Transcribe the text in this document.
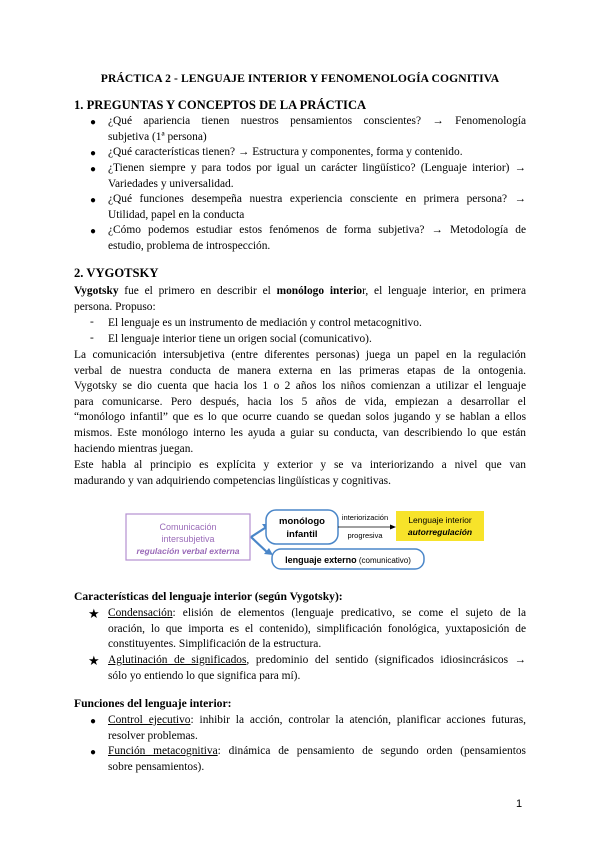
PRÁCTICA 2 - LENGUAJE INTERIOR Y FENOMENOLOGÍA COGNITIVA
1. PREGUNTAS Y CONCEPTOS DE LA PRÁCTICA
● ¿Qué apariencia tienen nuestros pensamientos conscientes? → Fenomenología
subjetiva (1ª persona)
● ¿Qué características tienen? → Estructura y componentes, forma y contenido.
● ¿Tienen siempre y para todos por igual un carácter lingüístico? (Lenguaje interior) →
Variedades y universalidad.
● ¿Qué funciones desempeña nuestra experiencia consciente en primera persona? →
Utilidad, papel en la conducta
● ¿Cómo podemos estudiar estos fenómenos de forma subjetiva? → Metodología de
estudio, problema de introspección.
2. VYGOTSKY
Vygotsky fue el primero en describir el monólogo interior, el lenguaje interior, en primera
persona. Propuso:
- El lenguaje es un instrumento de mediación y control metacognitivo.
- El lenguaje interior tiene un origen social (comunicativo).
La comunicación intersubjetiva (entre diferentes personas) juega un papel en la regulación
verbal de nuestra conducta de manera externa en las primeras etapas de la ontogenia.
Vygotsky se dio cuenta que hacia los 1 o 2 años los niños comienzan a utilizar el lenguaje
para comunicarse. Pero después, hacia los 5 años de vida, empiezan a desarrollar el
“monólogo infantil” que es lo que ocurre cuando se quedan solos jugando y se hablan a ellos
mismos. Este monólogo interno les ayuda a guiar su conducta, van describiendo lo que están
haciendo mientras juegan.
Este habla al principio es explícita y exterior y se va interiorizando a nivel que van
madurando y van adquiriendo competencias lingüísticas y cognitivas.
Comunicación
intersubjetiva
regulación verbal externa
monólogo
infantil
interiorización
progresiva
Lenguaje interior
autorregulación
lenguaje externo (comunicativo)
Características del lenguaje interior (según Vygotsky):
★ Condensación: elisión de elementos (lenguaje predicativo, se come el sujeto de la
oración, lo que importa es el contenido), simplificación fonológica, yuxtaposición de
constituyentes. Simplificación de la estructura.
★ Aglutinación de significados, predominio del sentido (significados idiosincrásicos →
sólo yo entiendo lo que significa para mí).
Funciones del lenguaje interior:
● Control ejecutivo: inhibir la acción, controlar la atención, planificar acciones futuras,
resolver problemas.
● Función metacognitiva: dinámica de pensamiento de segundo orden (pensamientos
sobre pensamientos).
1
